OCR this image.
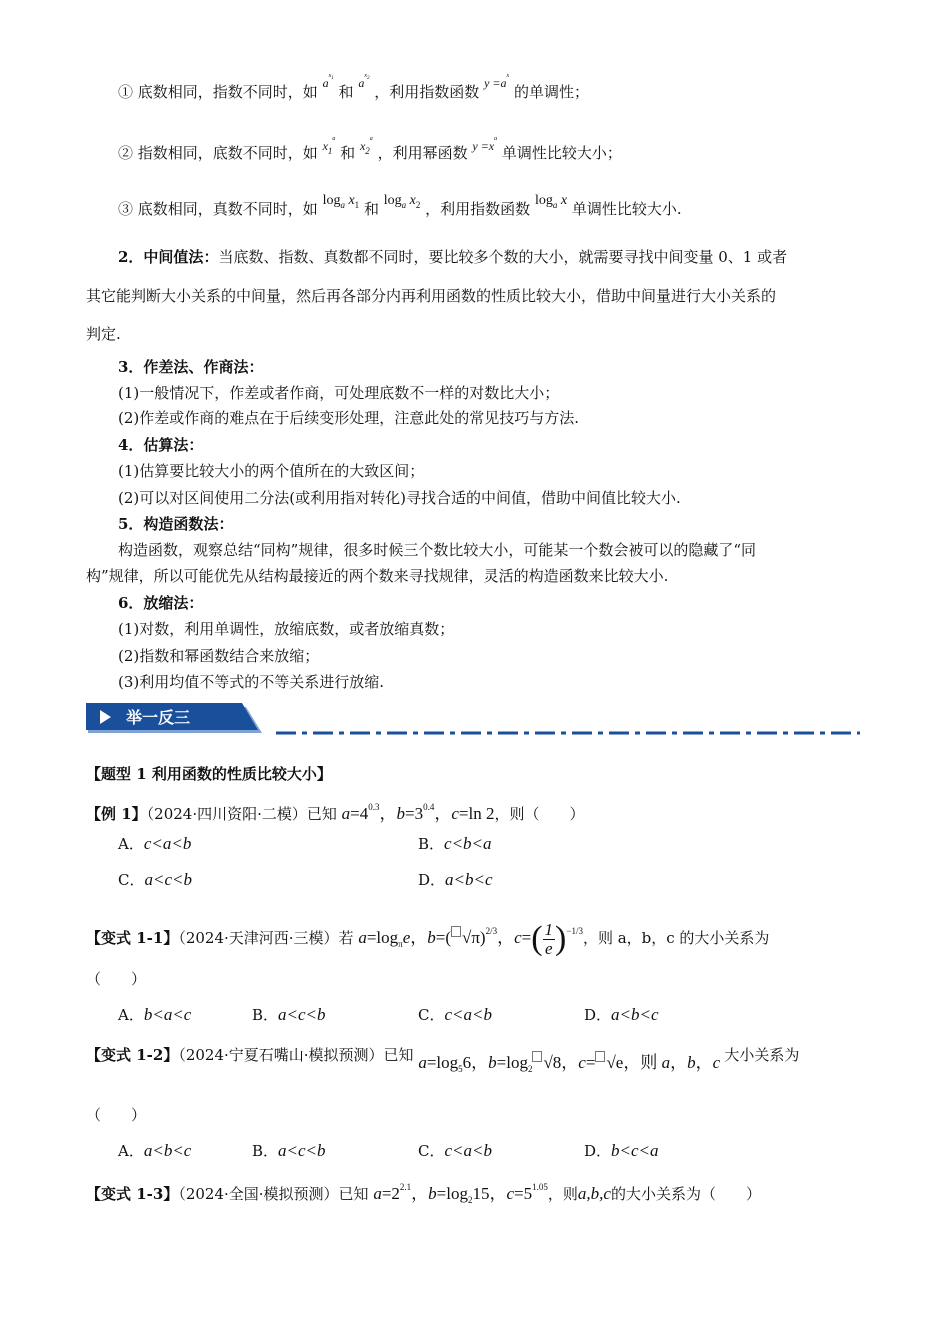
① 底数相同，指数不同时，如 $^{a^{x_1}}$ 和 $^{a^{x_2}}$ ，利用指数函数 $^{y =a^x}$ 的单调性；
② 指数相同，底数不同时，如 $^{x_1^a}$ 和 $^{x_2^a}$ ，利用幂函数 $^{y =x^a}$ 单调性比较大小；
③ 底数相同，真数不同时，如 $\log_a x_1$ 和 $\log_a x_2$ ，利用指数函数 $\log_a x$ 单调性比较大小.
2．中间值法：当底数、指数、真数都不同时，要比较多个数的大小，就需要寻找中间变量 0、1 或者
其它能判断大小关系的中间量，然后再各部分内再利用函数的性质比较大小，借助中间量进行大小关系的
判定.
3．作差法、作商法：
(1)一般情况下，作差或者作商，可处理底数不一样的对数比大小；
(2)作差或作商的难点在于后续变形处理，注意此处的常见技巧与方法.
4．估算法：
(1)估算要比较大小的两个值所在的大致区间；
(2)可以对区间使用二分法(或利用指对转化)寻找合适的中间值，借助中间值比较大小.
5．构造函数法：
构造函数，观察总结“同构”规律，很多时候三个数比较大小，可能某一个数会被可以的隐藏了“同
构”规律，所以可能优先从结构最接近的两个数来寻找规律，灵活的构造函数来比较大小.
6．放缩法：
(1)对数，利用单调性，放缩底数，或者放缩真数；
(2)指数和幂函数结合来放缩；
(3)利用均值不等式的不等关系进行放缩.
举一反三
【题型 1 利用函数的性质比较大小】
【例 1】（2024·四川资阳·二模）已知 $a=4^{0.3}$，$b=3^{0.4}$，c=ln 2，则（　　）
A．c<a<b	B．c<b<a
C．a<c<b	D．a<b<c
【变式 1-1】（2024·天津河西·三模）若 $a=\log_\pi e$，b=( √π)$^{2/3}$，$c=( \frac{1}{e} )^{-1/3}$，则 a，b，c 的大小关系为
（　　）
A．b<a<c	B．a<c<b	C．c<a<b	D．a<b<c
【变式 1-2】（2024·宁夏石嘴山·模拟预测）已知 $a=\log_56$，$b=\log_2$ √8，c= √e，则 a，b，c 大小关系为
（　　）
A．a<b<c	B．a<c<b	C．c<a<b	D．b<c<a
【变式 1-3】（2024·全国·模拟预测）已知 $a=2^{2.1}$，$b=\log_215$，$c=5^{1.05}$，则a,b,c的大小关系为（　　）
